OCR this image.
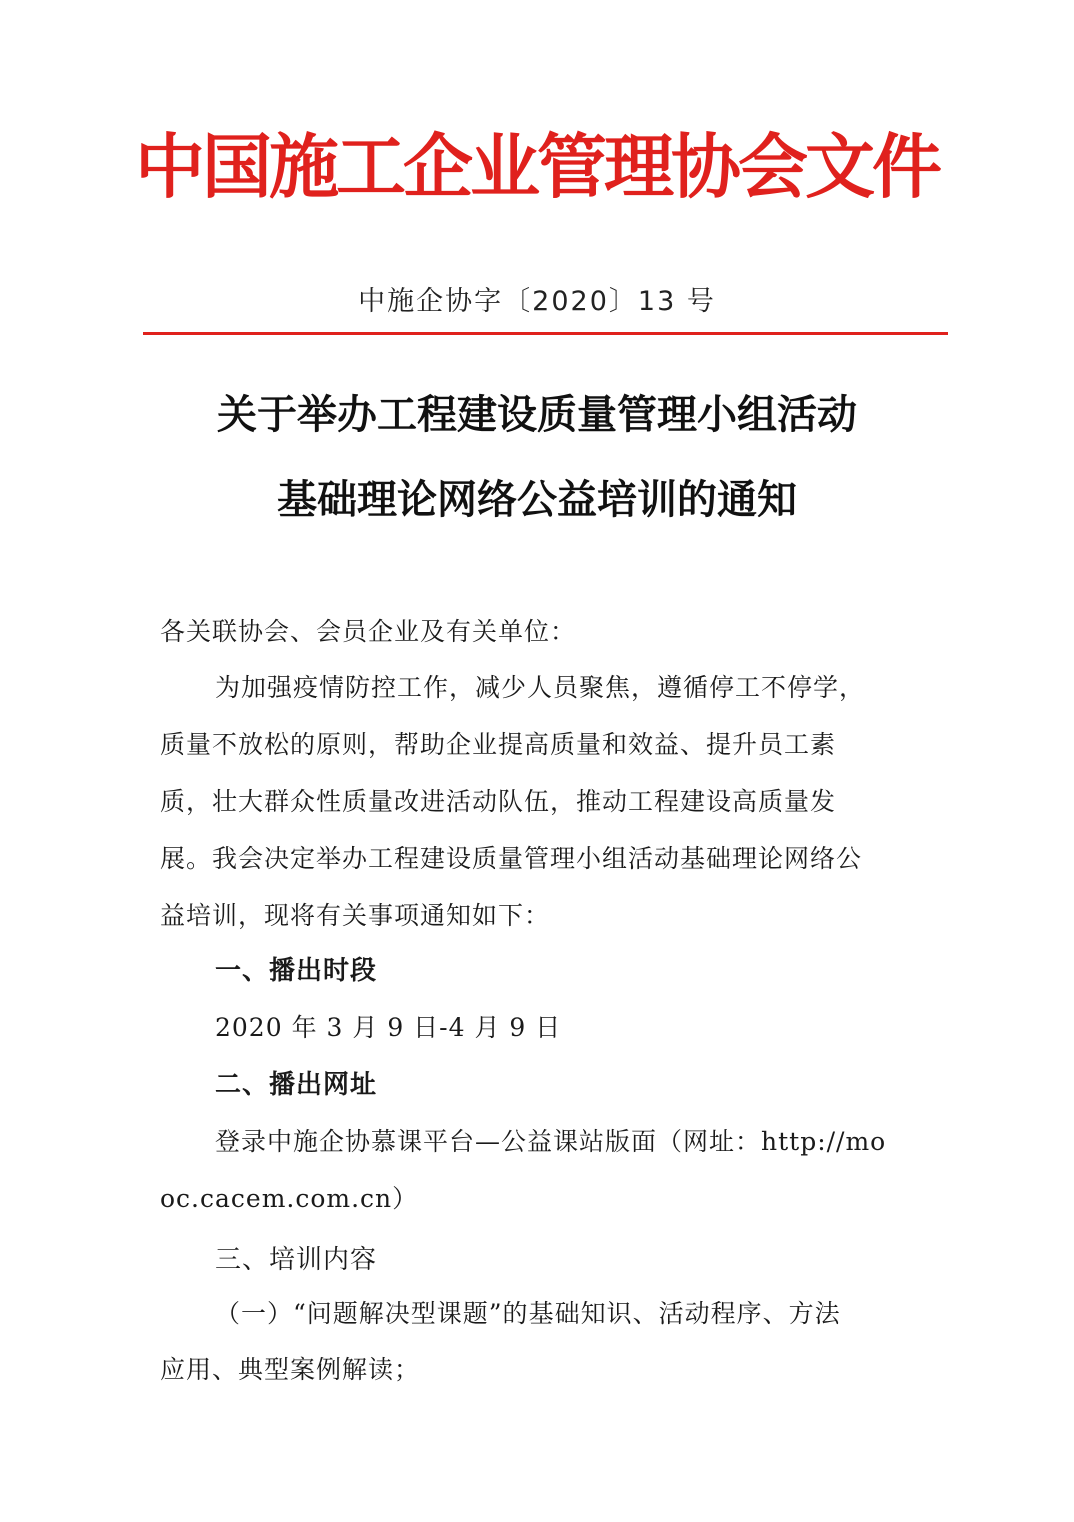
中国施工企业管理协会文件
中施企协字〔2020〕13 号
关于举办工程建设质量管理小组活动
基础理论网络公益培训的通知
各关联协会、会员企业及有关单位：
为加强疫情防控工作，减少人员聚焦，遵循停工不停学，
质量不放松的原则，帮助企业提高质量和效益、提升员工素
质，壮大群众性质量改进活动队伍，推动工程建设高质量发
展。我会决定举办工程建设质量管理小组活动基础理论网络公
益培训，现将有关事项通知如下：
一、播出时段
2020 年 3 月 9 日-4 月 9 日
二、播出网址
登录中施企协慕课平台—公益课站版面（网址：http://mo
oc.cacem.com.cn）
三、培训内容
（一）“问题解决型课题”的基础知识、活动程序、方法
应用、典型案例解读；
